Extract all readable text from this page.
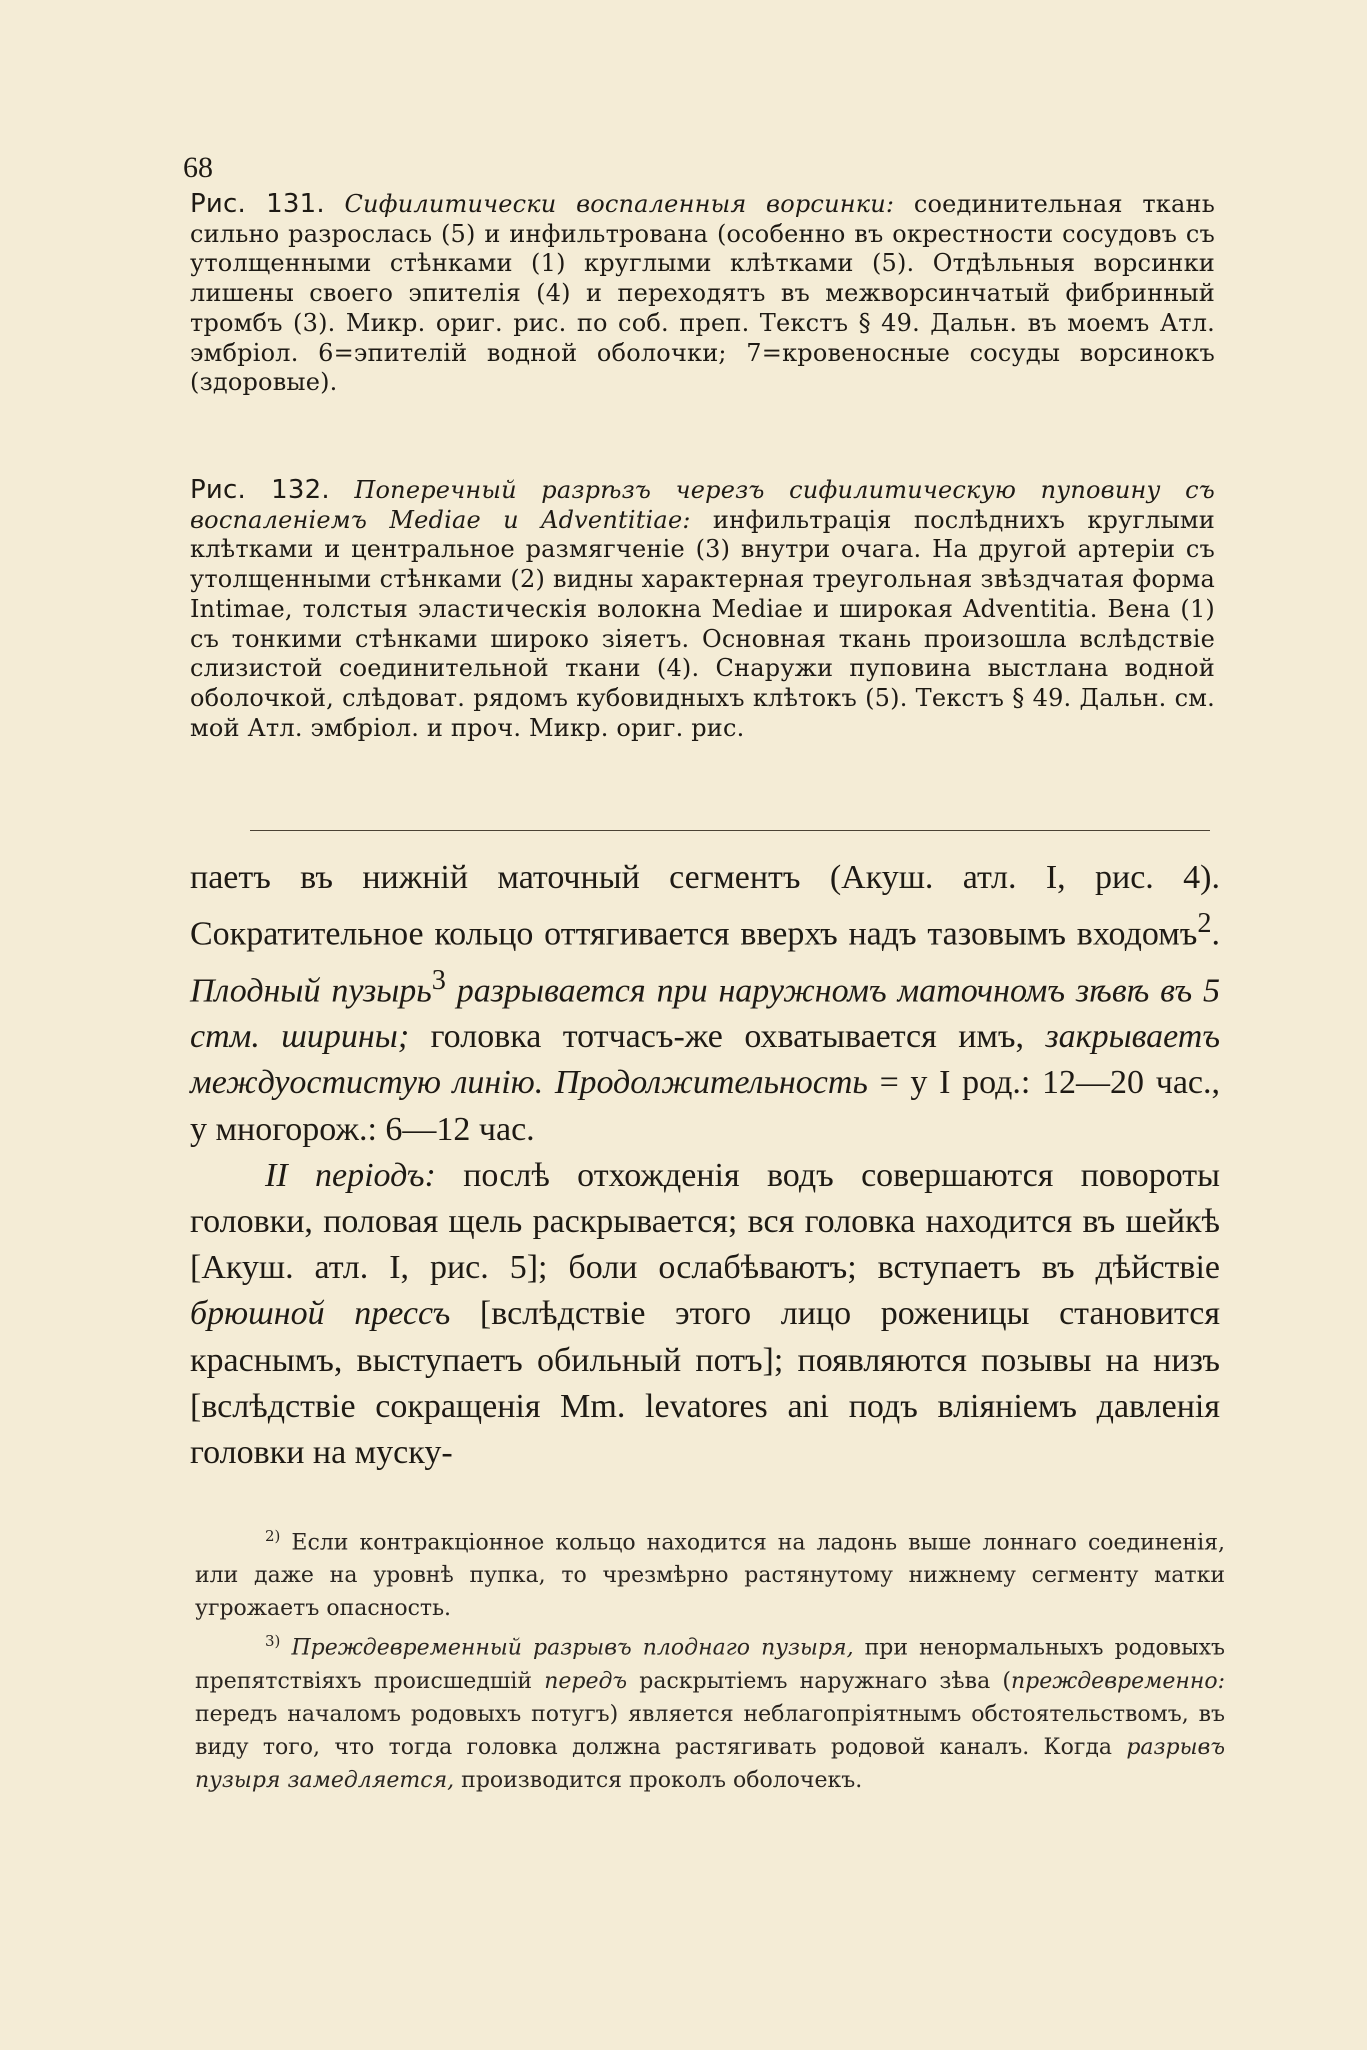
68
Рис. 131. Сифилитически воспаленныя ворсинки: соединительная ткань сильно разрослась (5) и инфильтрована (особенно въ окрестности сосудовъ съ утолщенными стѣнками (1) круглыми клѣтками (5). Отдѣльныя ворсинки лишены своего эпителія (4) и переходятъ въ межворсинчатый фибринный тромбъ (3). Микр. ориг. рис. по соб. преп. Текстъ § 49. Дальн. въ моемъ Атл. эмбріол. 6=эпителій водной оболочки; 7=кровеносные сосуды ворсинокъ (здоровые).
Рис. 132. Поперечный разрѣзъ черезъ сифилитическую пуповину съ воспаленіемъ Mediae и Adventitiae: инфильтрація послѣднихъ круглыми клѣтками и центральное размягченіе (3) внутри очага. На другой артеріи съ утолщенными стѣнками (2) видны характерная треугольная звѣздчатая форма Intimae, толстыя эластическія волокна Mediae и широкая Adventitia. Вена (1) съ тонкими стѣнками широко зіяетъ. Основная ткань произошла вслѣдствіе слизистой соединительной ткани (4). Снаружи пуповина выстлана водной оболочкой, слѣдоват. рядомъ кубовидныхъ клѣтокъ (5). Текстъ § 49. Дальн. см. мой Атл. эмбріол. и проч. Микр. ориг. рис.

паетъ въ нижній маточный сегментъ (Акуш. атл. I, рис. 4). Сократительное кольцо оттягивается вверхъ надъ тазовымъ входомъ$^2$. Плодный пузырь$^3$ разрывается при наружномъ маточномъ зѣвѣ въ 5 стм. ширины; головка тотчасъ-же охватывается имъ, закрываетъ междуостистую линію. Продолжительность = у I род.: 12—20 час., у многорож.: 6—12 час.

II періодъ: послѣ отхожденія водъ совершаются повороты головки, половая щель раскрывается; вся головка находится въ шейкѣ [Акуш. атл. I, рис. 5]; боли ослабѣваютъ; вступаетъ въ дѣйствіе брюшной прессъ [вслѣдствіе этого лицо роженицы становится краснымъ, выступаетъ обильный потъ]; появляются позывы на низъ [вслѣдствіе сокращенія Mm. levatores ani подъ вліяніемъ давленія головки на муску-

$^{2)}$ Если контракціонное кольцо находится на ладонь выше лоннаго соединенія, или даже на уровнѣ пупка, то чрезмѣрно растянутому нижнему сегменту матки угрожаетъ опасность.

$^{3)}$ Преждевременный разрывъ плоднаго пузыря, при ненормальныхъ родовыхъ препятствіяхъ происшедшій передъ раскрытіемъ наружнаго зѣва (преждевременно: передъ началомъ родовыхъ потугъ) является неблагопріятнымъ обстоятельствомъ, въ виду того, что тогда головка должна растягивать родовой каналъ. Когда разрывъ пузыря замедляется, производится проколъ оболочекъ.
